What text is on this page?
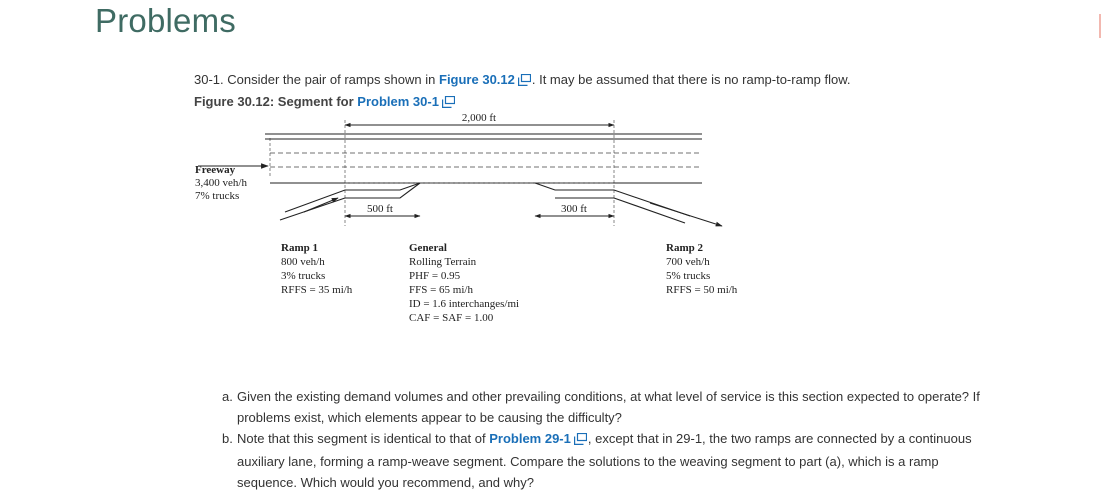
Problems
30-1. Consider the pair of ramps shown in Figure 30.12 . It may be assumed that there is no ramp-to-ramp flow.
Figure 30.12: Segment for Problem 30-1
2,000 ft
500 ft	300 ft
Freeway
3,400 veh/h
7% trucks
Ramp 1
800 veh/h
3% trucks
RFFS = 35 mi/h
General
Rolling Terrain
PHF = 0.95
FFS = 65 mi/h
ID = 1.6 interchanges/mi
CAF = SAF = 1.00
Ramp 2
700 veh/h
5% trucks
RFFS = 50 mi/h
a. Given the existing demand volumes and other prevailing conditions, at what level of service is this section expected to operate? If problems exist, which elements appear to be causing the difficulty?
b. Note that this segment is identical to that of Problem 29-1 , except that in 29-1, the two ramps are connected by a continuous auxiliary lane, forming a ramp-weave segment. Compare the solutions to the weaving segment to part (a), which is a ramp sequence. Which would you recommend, and why?
